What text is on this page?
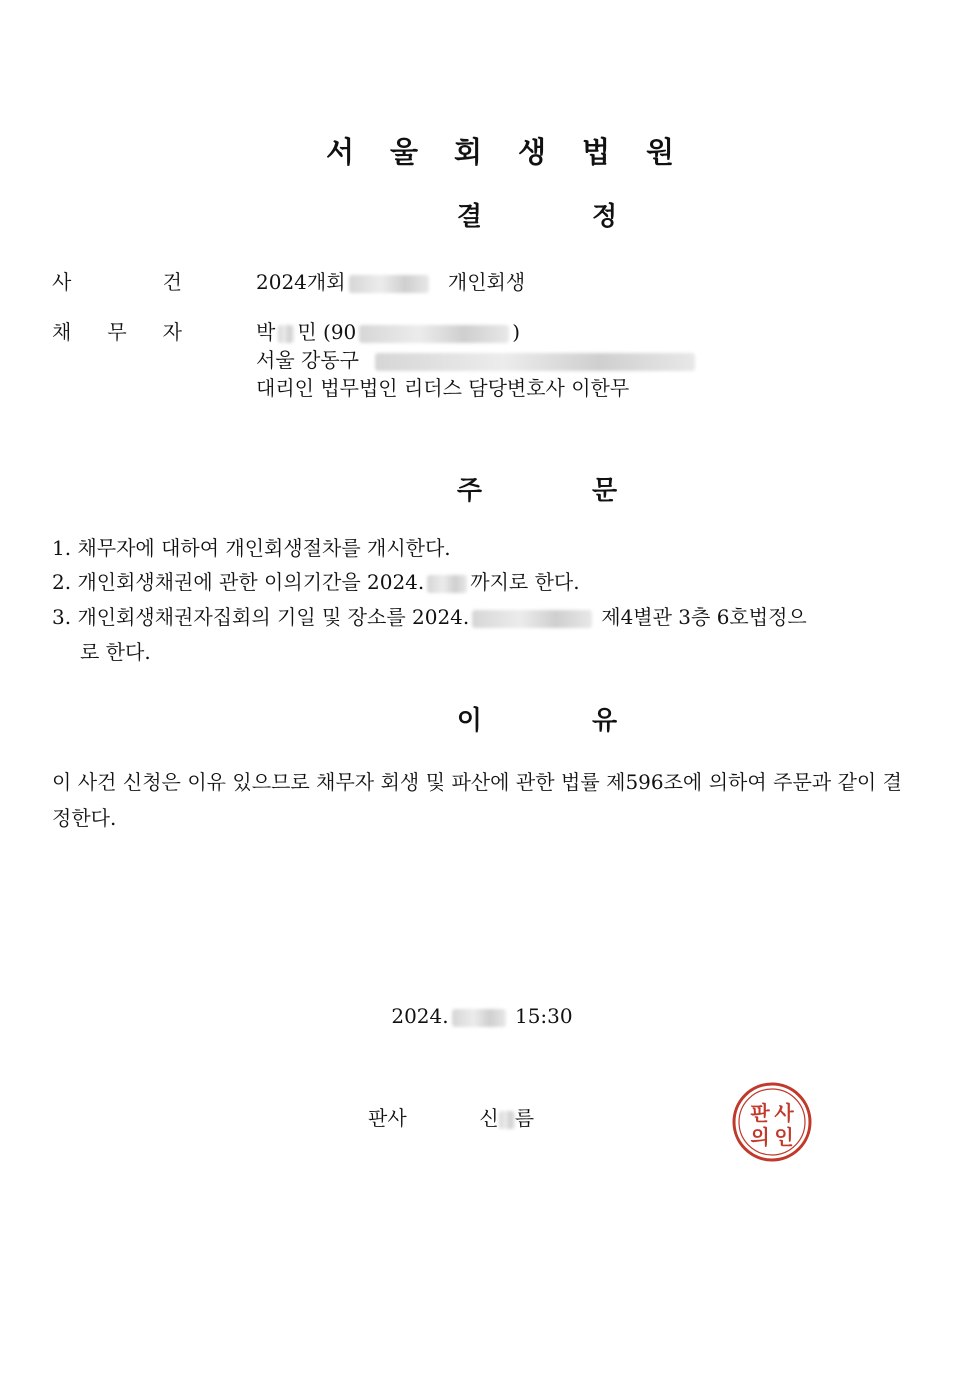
서울회생법원
결정
사	건	2024개회	개인회생
채 무 자	박 민 (90	)
서울 강동구
대리인 법무법인 리더스 담당변호사 이한무
주문
1. 채무자에 대하여 개인회생절차를 개시한다.
2. 개인회생채권에 관한 이의기간을 2024. 까지로 한다.
3. 개인회생채권자집회의 기일 및 장소를 2024.	제4별관 3층 6호법정으
로 한다.
이유
이 사건 신청은 이유 있으므로 채무자 회생 및 파산에 관한 법률 제596조에 의하여 주문과 같이 결정한다.
2024.	15:30
판사	신 름	판 사
의 인
